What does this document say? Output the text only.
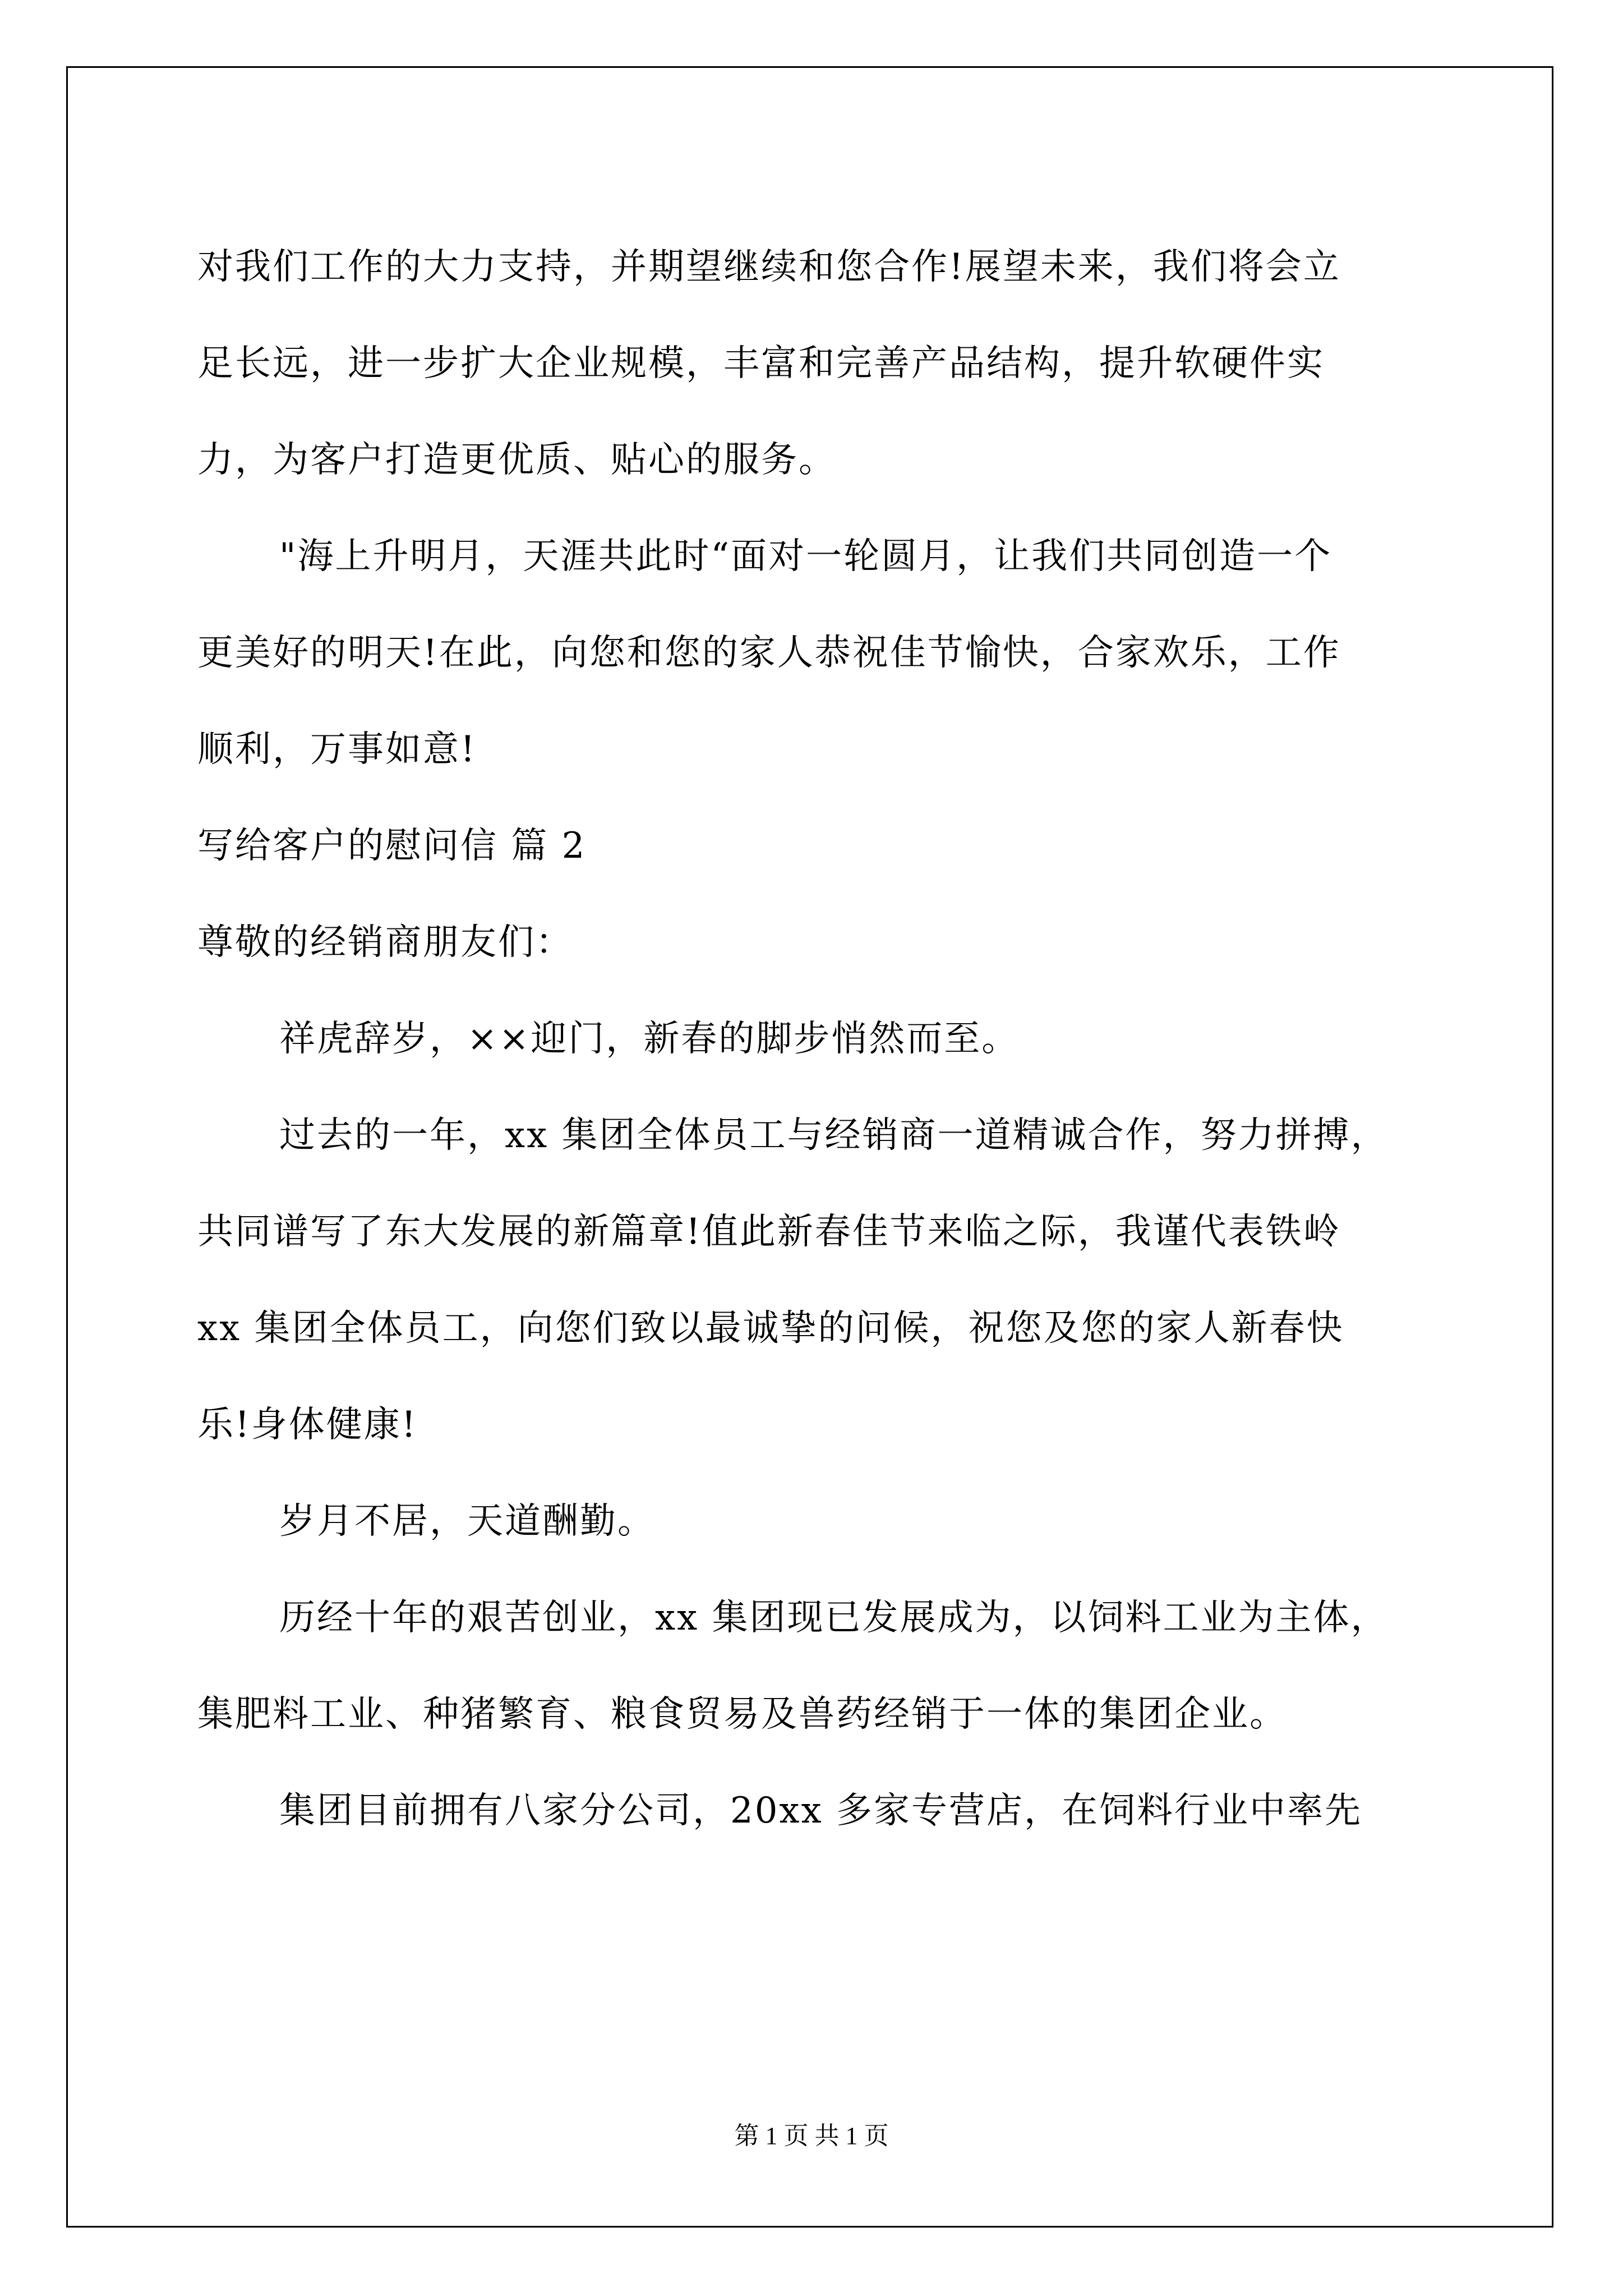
对我们工作的大力支持，并期望继续和您合作!展望未来，我们将会立
足长远，进一步扩大企业规模，丰富和完善产品结构，提升软硬件实
力，为客户打造更优质、贴心的服务。
"海上升明月，天涯共此时“面对一轮圆月，让我们共同创造一个
更美好的明天!在此，向您和您的家人恭祝佳节愉快，合家欢乐，工作
顺利，万事如意!
写给客户的慰问信 篇 2
尊敬的经销商朋友们：
祥虎辞岁，××迎门，新春的脚步悄然而至。
过去的一年，xx 集团全体员工与经销商一道精诚合作，努力拼搏，
共同谱写了东大发展的新篇章!值此新春佳节来临之际，我谨代表铁岭
xx 集团全体员工，向您们致以最诚挚的问候，祝您及您的家人新春快
乐!身体健康!
岁月不居，天道酬勤。
历经十年的艰苦创业，xx 集团现已发展成为，以饲料工业为主体，
集肥料工业、种猪繁育、粮食贸易及兽药经销于一体的集团企业。
集团目前拥有八家分公司，20xx 多家专营店，在饲料行业中率先
第 1 页 共 1 页
